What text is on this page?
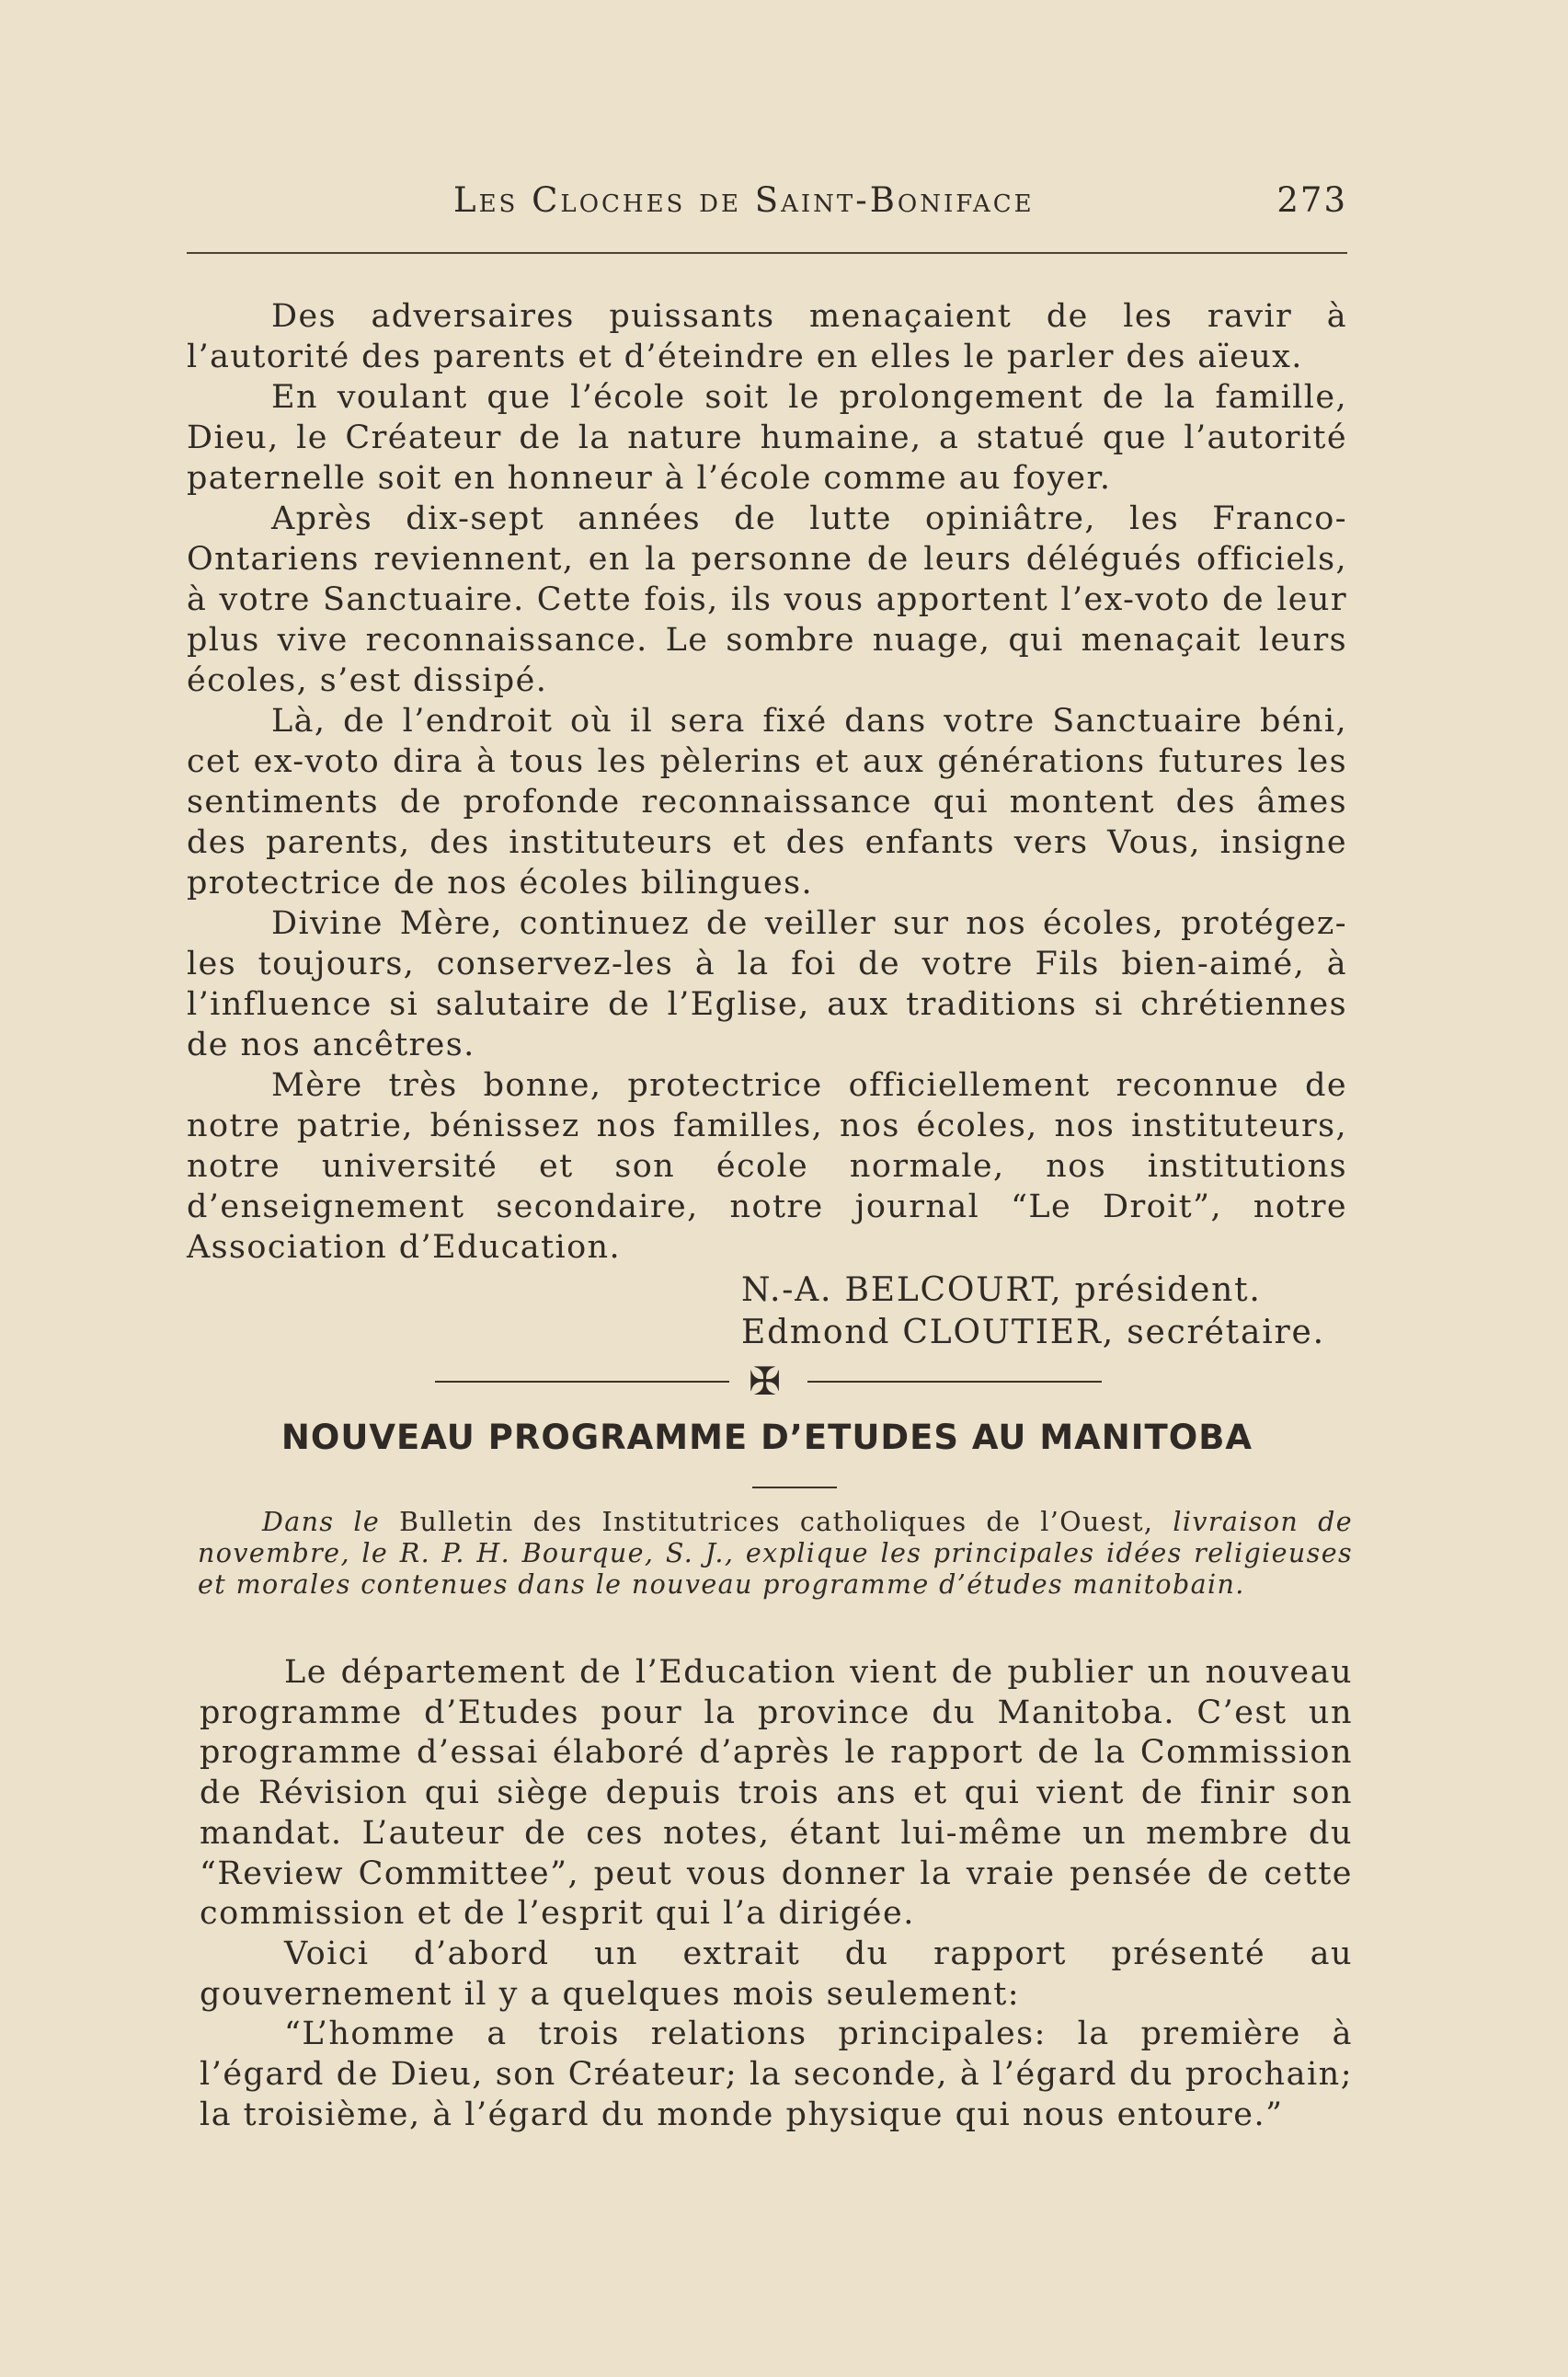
Les Cloches de Saint-Boniface	273

Des adversaires puissants menaçaient de les ravir à l’autorité des parents et d’éteindre en elles le parler des aïeux.

En voulant que l’école soit le prolongement de la famille, Dieu, le Créateur de la nature humaine, a statué que l’autorité paternelle soit en honneur à l’école comme au foyer.

Après dix-sept années de lutte opiniâtre, les Franco-Ontariens reviennent, en la personne de leurs délégués officiels, à votre Sanctuaire. Cette fois, ils vous apportent l’ex-voto de leur plus vive reconnaissance. Le sombre nuage, qui menaçait leurs écoles, s’est dissipé.

Là, de l’endroit où il sera fixé dans votre Sanctuaire béni, cet ex-voto dira à tous les pèlerins et aux générations futures les sentiments de profonde reconnaissance qui montent des âmes des parents, des instituteurs et des enfants vers Vous, insigne protectrice de nos écoles bilingues.

Divine Mère, continuez de veiller sur nos écoles, protégez-les toujours, conservez-les à la foi de votre Fils bien-aimé, à l’influence si salutaire de l’Eglise, aux traditions si chrétiennes de nos ancêtres.

Mère très bonne, protectrice officiellement reconnue de notre patrie, bénissez nos familles, nos écoles, nos instituteurs, notre université et son école normale, nos institutions d’enseignement secondaire, notre journal “Le Droit”, notre Association d’Education.

N.-A. BELCOURT, président.
Edmond CLOUTIER, secrétaire.
✠
NOUVEAU PROGRAMME D’ETUDES AU MANITOBA
Dans le Bulletin des Institutrices catholiques de l’Ouest, livraison de novembre, le R. P. H. Bourque, S. J., explique les principales idées religieuses et morales contenues dans le nouveau programme d’études manitobain.

Le département de l’Education vient de publier un nouveau programme d’Etudes pour la province du Manitoba. C’est un programme d’essai élaboré d’après le rapport de la Commission de Révision qui siège depuis trois ans et qui vient de finir son mandat. L’auteur de ces notes, étant lui-même un membre du “Review Committee”, peut vous donner la vraie pensée de cette commission et de l’esprit qui l’a dirigée.

Voici d’abord un extrait du rapport présenté au gouvernement il y a quelques mois seulement:

“L’homme a trois relations principales: la première à l’égard de Dieu, son Créateur; la seconde, à l’égard du prochain; la troisième, à l’égard du monde physique qui nous entoure.”
